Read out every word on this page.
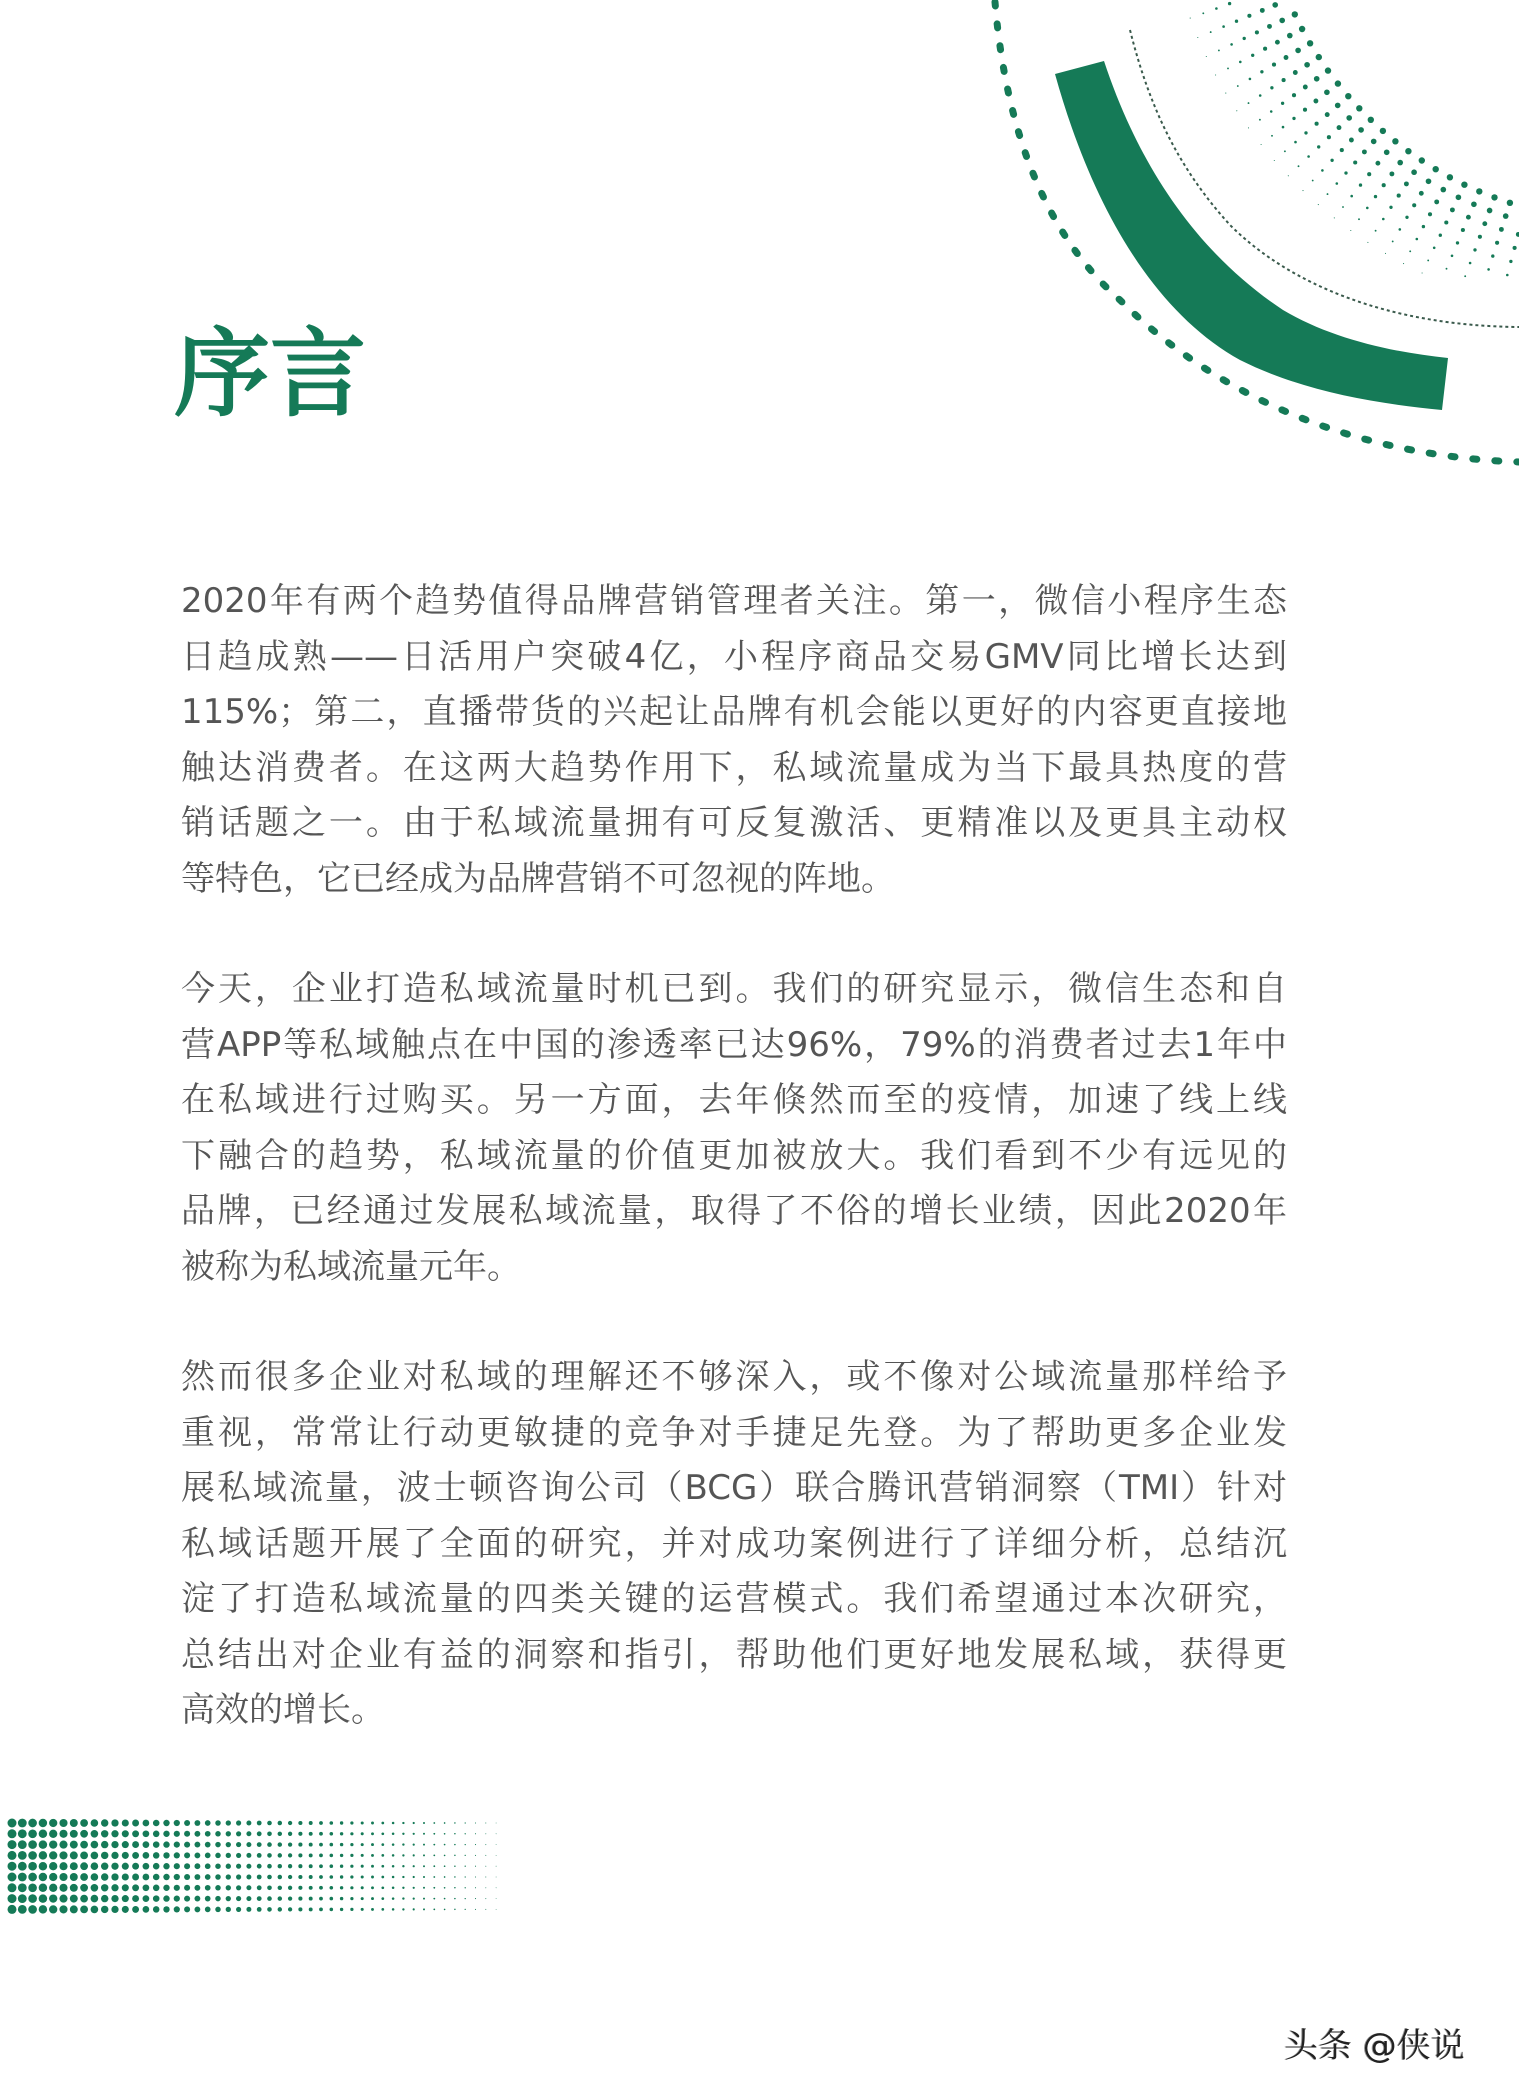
序言

2020年有两个趋势值得品牌营销管理者关注。第一，微信小程序生态
日趋成熟——日活用户突破4亿，小程序商品交易GMV同比增长达到
115%；第二，直播带货的兴起让品牌有机会能以更好的内容更直接地
触达消费者。在这两大趋势作用下，私域流量成为当下最具热度的营
销话题之一。由于私域流量拥有可反复激活、更精准以及更具主动权
等特色，它已经成为品牌营销不可忽视的阵地。

今天，企业打造私域流量时机已到。我们的研究显示，微信生态和自
营APP等私域触点在中国的渗透率已达96%，79%的消费者过去1年中
在私域进行过购买。另一方面，去年倏然而至的疫情，加速了线上线
下融合的趋势，私域流量的价值更加被放大。我们看到不少有远见的
品牌，已经通过发展私域流量，取得了不俗的增长业绩，因此2020年
被称为私域流量元年。

然而很多企业对私域的理解还不够深入，或不像对公域流量那样给予
重视，常常让行动更敏捷的竞争对手捷足先登。为了帮助更多企业发
展私域流量，波士顿咨询公司（BCG）联合腾讯营销洞察（TMI）针对
私域话题开展了全面的研究，并对成功案例进行了详细分析，总结沉
淀了打造私域流量的四类关键的运营模式。我们希望通过本次研究，
总结出对企业有益的洞察和指引，帮助他们更好地发展私域，获得更
高效的增长。

头条 @侠说
